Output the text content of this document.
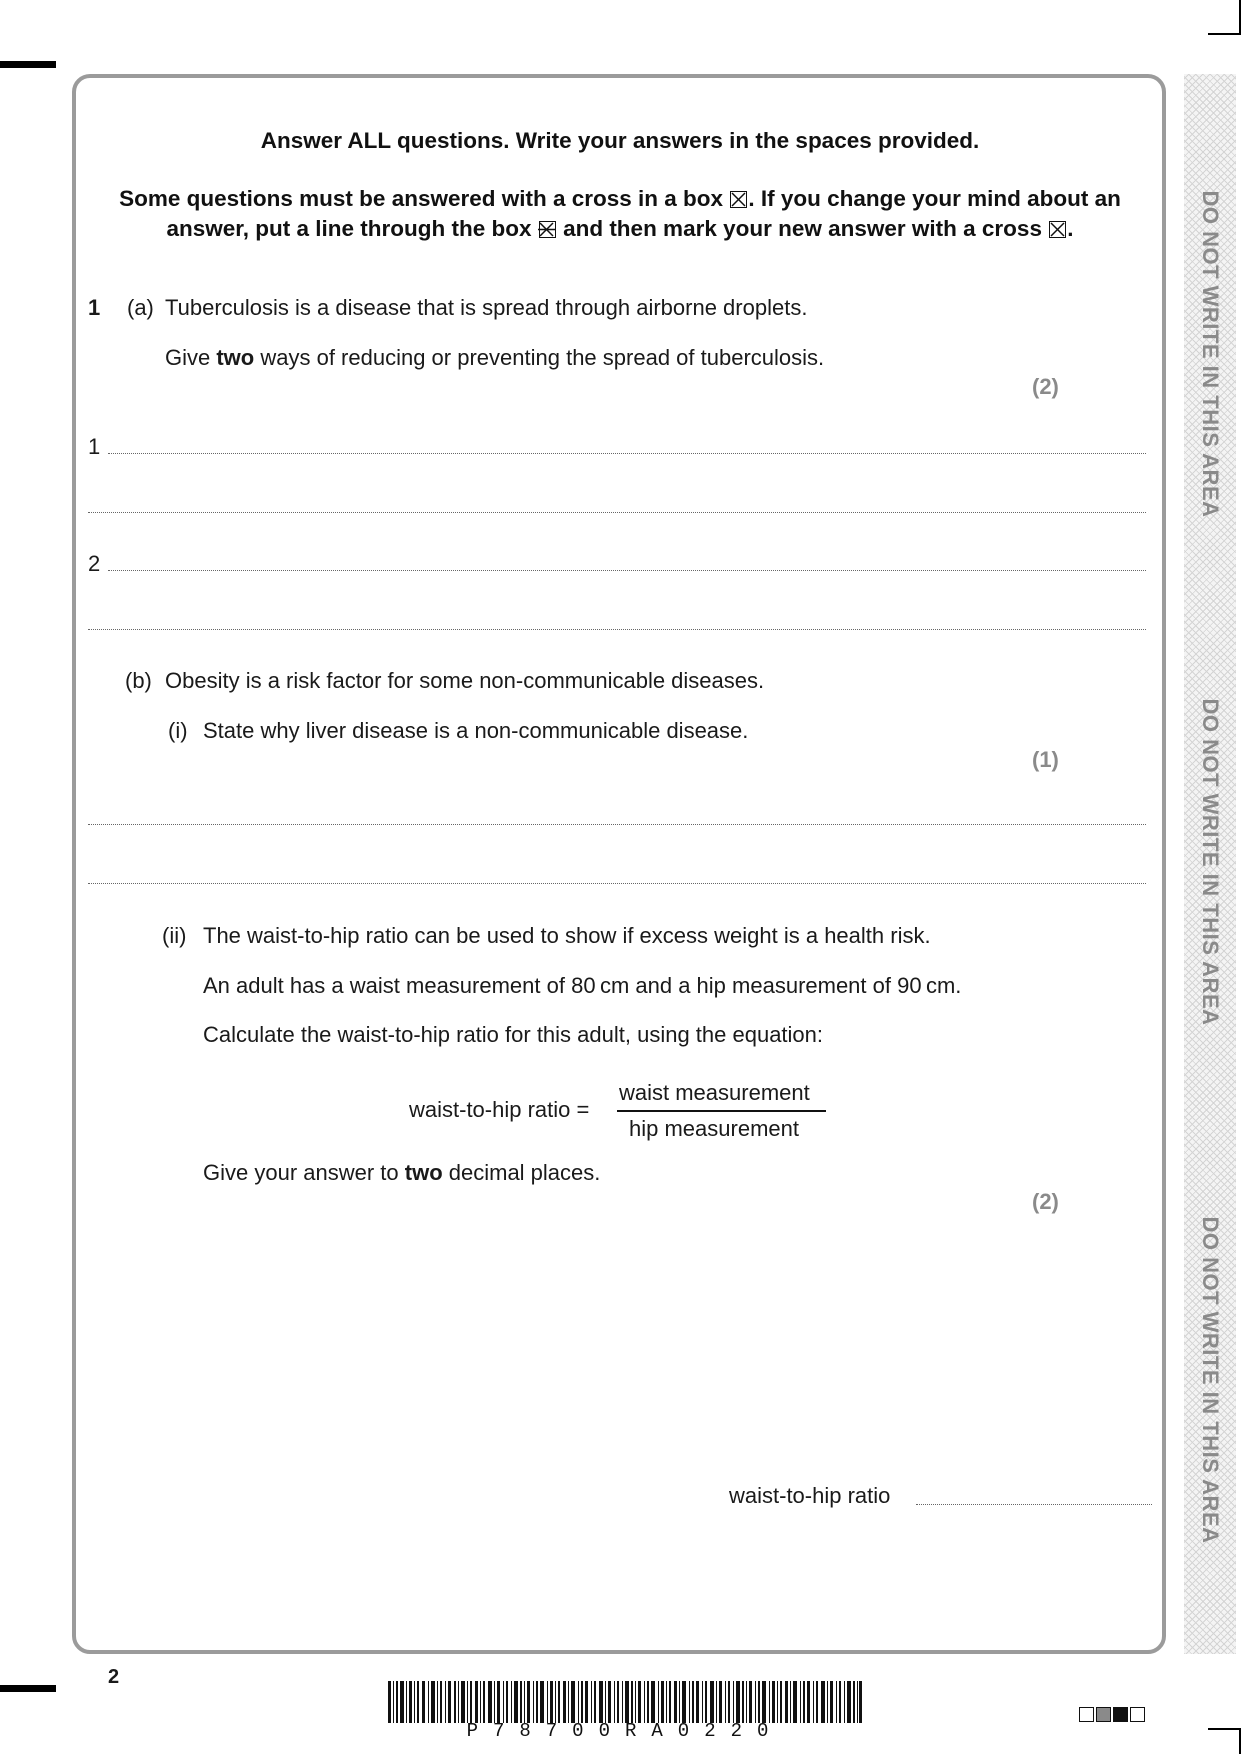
DO NOT WRITE IN THIS AREA
DO NOT WRITE IN THIS AREA
DO NOT WRITE IN THIS AREA
Answer ALL questions. Write your answers in the spaces provided.
Some questions must be answered with a cross in a box ☒. If you change your mind about an
answer, put a line through the box and then mark your new answer with a cross ☒.
1 (a) Tuberculosis is a disease that is spread through airborne droplets.
Give two ways of reducing or preventing the spread of tuberculosis.
(2)
1
2
(b) Obesity is a risk factor for some non-communicable diseases.
(i) State why liver disease is a non-communicable disease.
(1)
(ii) The waist-to-hip ratio can be used to show if excess weight is a health risk.
An adult has a waist measurement of 80 cm and a hip measurement of 90 cm.
Calculate the waist-to-hip ratio for this adult, using the equation:
waist-to-hip ratio =
waist measurement
hip measurement
Give your answer to two decimal places.
(2)
waist-to-hip ratio
2
P78700RA0220
